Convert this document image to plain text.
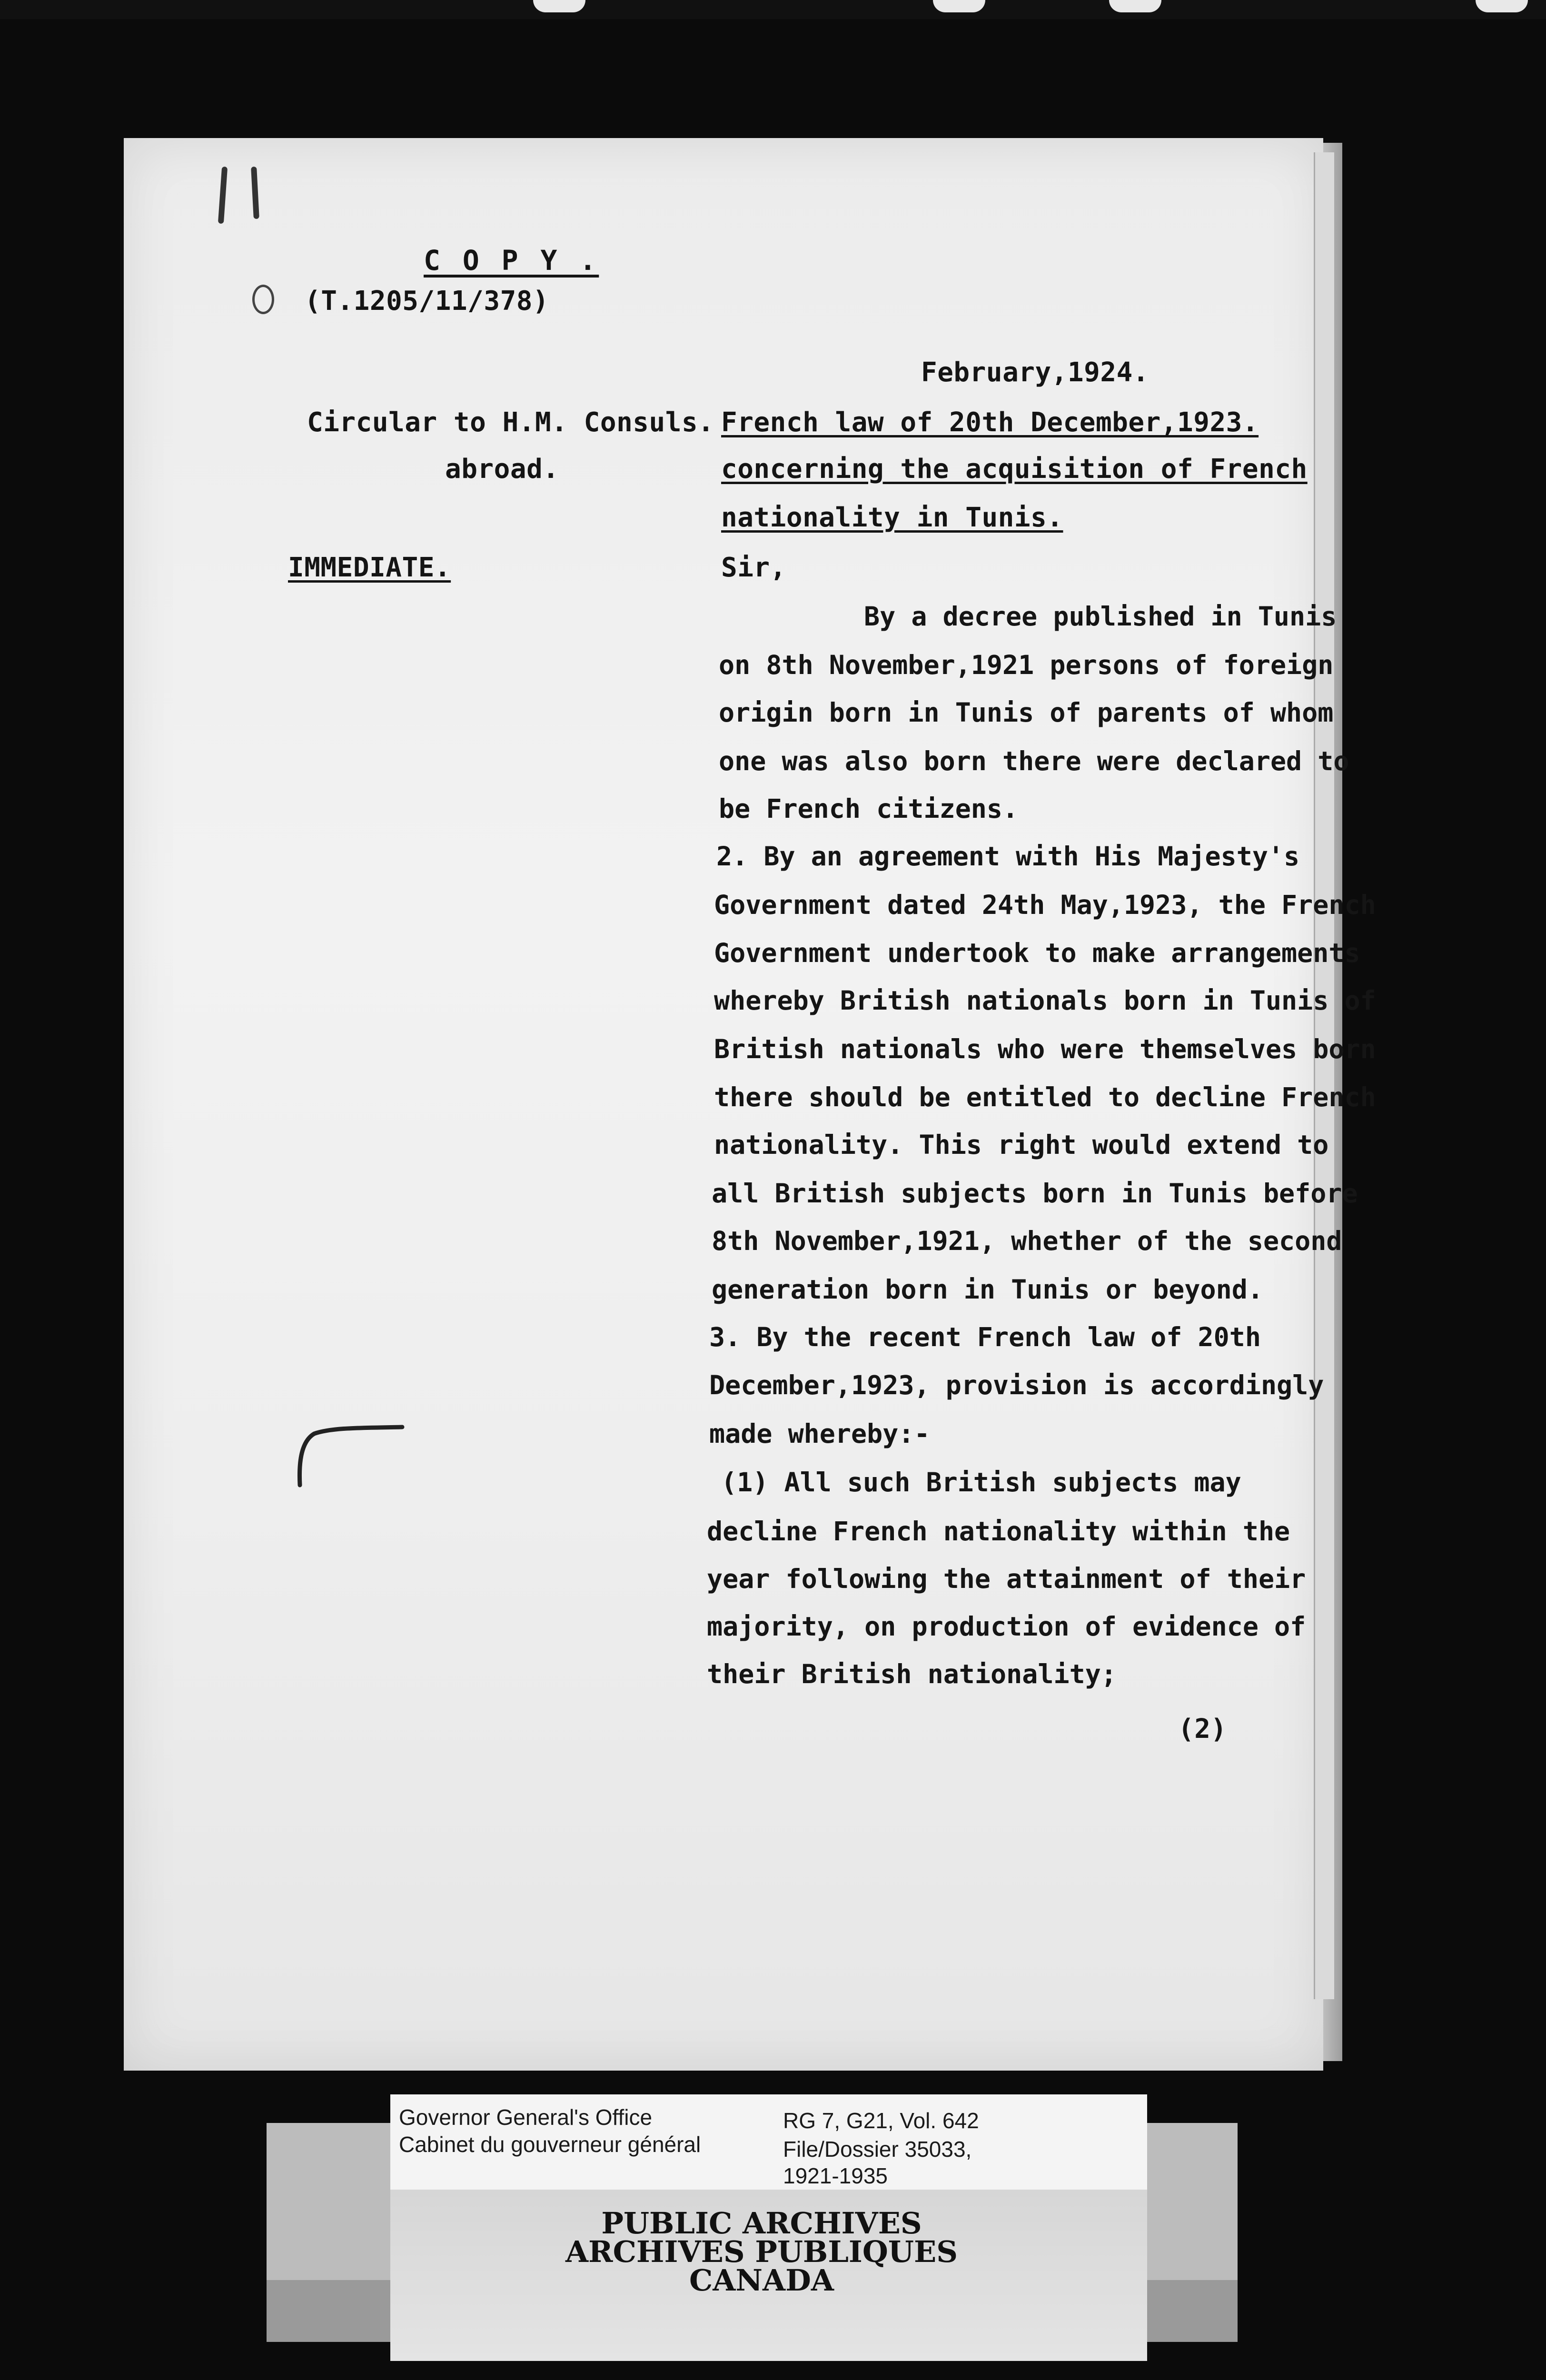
C O P Y .
(T.1205/11/378)
February,1924.
Circular to H.M. Consuls.
abroad.
French law of 20th December,1923.
concerning the acquisition of French
nationality in Tunis.
IMMEDIATE.	Sir,
By a decree published in Tunis
on 8th November,1921 persons of foreign
origin born in Tunis of parents of whom
one was also born there were declared to
be French citizens.
2. By an agreement with His Majesty's
Government dated 24th May,1923, the French
Government undertook to make arrangements
whereby British nationals born in Tunis of
British nationals who were themselves born
there should be entitled to decline French
nationality. This right would extend to
all British subjects born in Tunis before
8th November,1921, whether of the second
generation born in Tunis or beyond.
3. By the recent French law of 20th
December,1923, provision is accordingly
made whereby:-
(1) All such British subjects may
decline French nationality within the
year following the attainment of their
majority, on production of evidence of
their British nationality;
(2)
Governor General's Office
Cabinet du gouverneur général
RG 7, G21, Vol. 642
File/Dossier 35033,
1921-1935
PUBLIC ARCHIVES
ARCHIVES PUBLIQUES
CANADA
